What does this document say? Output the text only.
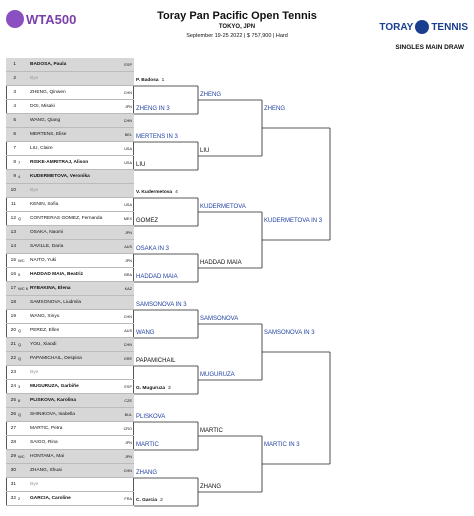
WTA500
TORAY TENNIS
Toray Pan Pacific Open Tennis
TOKYO, JPN
September 19-25 2022 | $ 757,900 | Hard
SINGLES MAIN DRAW
1	BADOSA, Paula	ESP
2	Bye
3	ZHENG, Qinwen	CHN
4	DOI, Misaki	JPN
5	WANG, Qiang	CHN
6	MERTENS, Elise	BEL
7	LIU, Claire	USA
8 7	RISKE-AMRITRAJ, Alison	USA
9 4	KUDERMETOVA, Veronika
10	Bye
11	KENIN, Sofia	USA
12 Q	CONTRERAS GOMEZ, Fernanda	MEX
13	OSAKA, Naomi	JPN
14	SAVILLE, Daria	AUS
15 WC	NAITO, Yuki	JPN
16 5	HADDAD MAIA, Beatriz	BRA
17 WC 6 RYBAKINA, Elena	KAZ
18	SAMSONOVA, Liudmila
19	WANG, Xinyu	CHN
20 Q	PEREZ, Ellen	AUS
21 Q	YOU, Xiaodi	CHN
22 Q	PAPAMICHAIL, Despina	GRE
23	Bye
24 3	MUGURUZA, Garbiñe	ESP
25 8	PLISKOVA, Karolina	CZE
26 Q	SHINIKOVA, Isabella	BUL
27	MARTIC, Petra	CRO
28	SAIGO, Rina	JPN
29 WC	HONTAMA, Mai	JPN
30	ZHANG, Shuai	CHN
31	Bye
32 2	GARCIA, Caroline	FRA
P. Badosa 1
ZHENG IN 3
MERTENS IN 3
LIU
V. Kudermetova 4
GOMEZ
OSAKA IN 3
HADDAD MAIA
SAMSONOVA IN 3
WANG
PAPAMICHAIL
G. Muguruza 3
PLISKOVA
MARTIC
ZHANG
C. Garcia 2
ZHENG
LIU
KUDERMETOVA
HADDAD MAIA
SAMSONOVA
MUGURUZA
MARTIC
ZHANG
ZHENG
KUDERMETOVA IN 3
SAMSONOVA IN 3
MARTIC IN 3
